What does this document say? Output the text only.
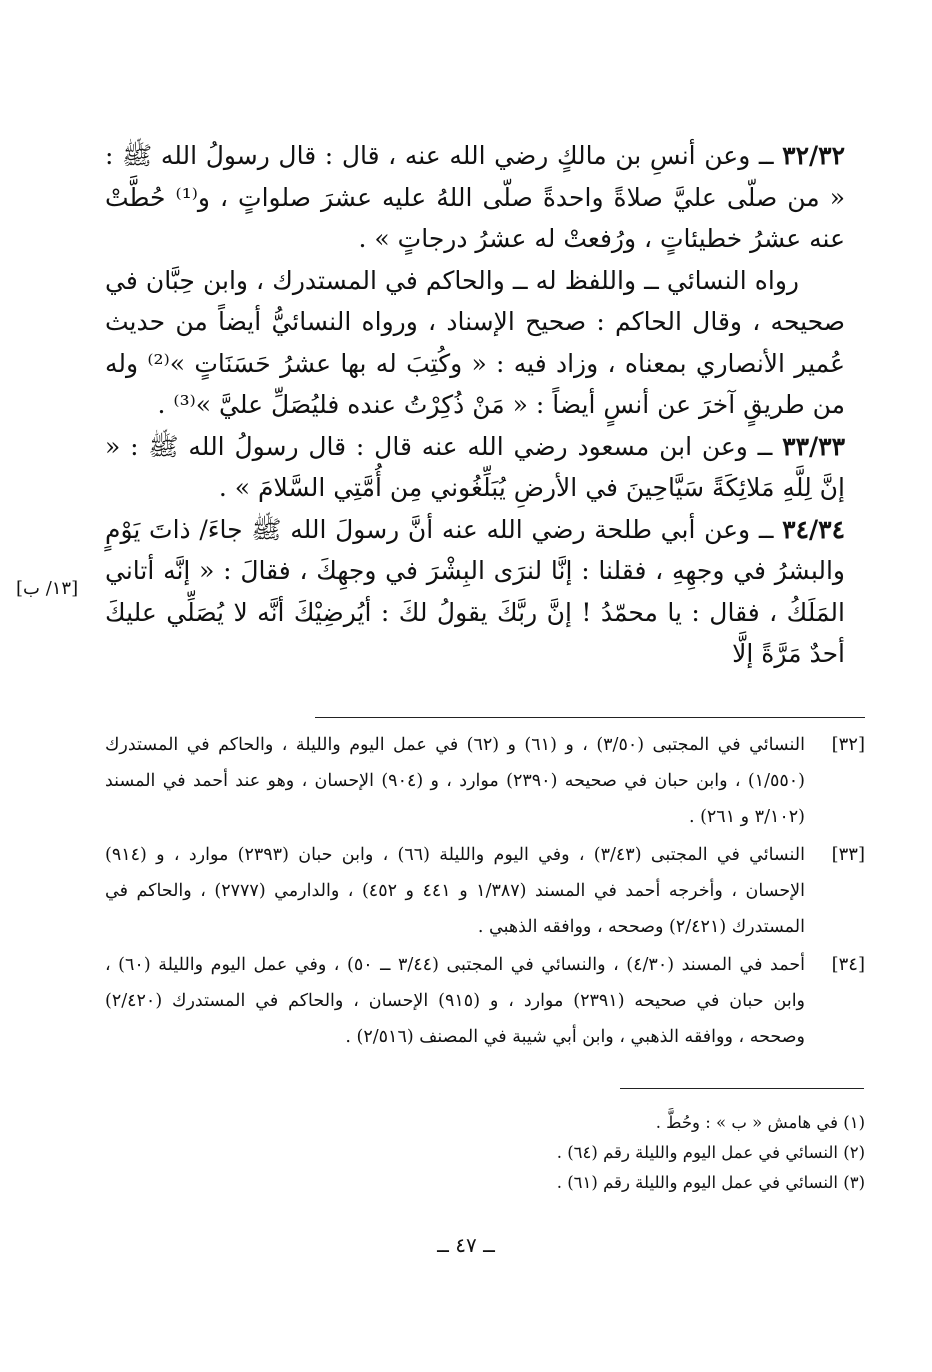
٣٢/٣٢ ــ وعن أنسِ بن مالكٍ رضي الله عنه ، قال : قال رسولُ الله ﷺ : « من صلّى عليَّ صلاةً واحدةً صلّى اللهُ عليه عشرَ صلواتٍ ، و⁽¹⁾ حُطَّتْ عنه عشرُ خطيئاتٍ ، ورُفعتْ له عشرُ درجاتٍ » .

رواه النسائي ــ واللفظ له ــ والحاكم في المستدرك ، وابن حِبَّان في صحيحه ، وقال الحاكم : صحيح الإسناد ، ورواه النسائيُّ أيضاً من حديث عُمير الأنصاري بمعناه ، وزاد فيه : « وكُتِبَ له بها عشرُ حَسَنَاتٍ »⁽²⁾ وله من طريقٍ آخرَ عن أنسٍ أيضاً : « مَنْ ذُكِرْتُ عنده فليُصَلِّ عليَّ »⁽³⁾ .

٣٣/٣٣ ــ وعن ابن مسعود رضي الله عنه قال : قال رسولُ الله ﷺ : « إنَّ لِلَّهِ مَلائِكَةً سَيَّاحِينَ في الأرضِ يُبَلِّغُوني مِن أُمَّتِي السَّلامَ » .

٣٤/٣٤ ــ وعن أبي طلحة رضي الله عنه أنَّ رسولَ الله ﷺ جاءَ/ ذاتَ يَوْمٍ والبشرُ في وجهِهِ ، فقلنا : إنَّا لنرَى البِشْرَ في وجهِكَ ، فقالَ : « إنَّه أتاني المَلَكُ ، فقال : يا محمّدُ ! إنَّ ربَّكَ يقولُ لكَ : أيُرضِيْكَ أنَّه لا يُصَلِّي عليكَ أحدٌ مَرَّةً إلَّا

[١٣/ ب]
[٣٢]
النسائي في المجتبى (٣/٥٠) ، و (٦١) و (٦٢) في عمل اليوم والليلة ، والحاكم في المستدرك (١/٥٥٠) ، وابن حبان في صحيحه (٢٣٩٠) موارد ، و (٩٠٤) الإحسان ، وهو عند أحمد في المسند (٣/١٠٢ و ٢٦١) .
[٣٣]
النسائي في المجتبى (٣/٤٣) ، وفي اليوم والليلة (٦٦) ، وابن حبان (٢٣٩٣) موارد ، و (٩١٤) الإحسان ، وأخرجه أحمد في المسند (١/٣٨٧ و ٤٤١ و ٤٥٢) ، والدارمي (٢٧٧٧) ، والحاكم في المستدرك (٢/٤٢١) وصححه ، ووافقه الذهبي .
[٣٤]
أحمد في المسند (٤/٣٠) ، والنسائي في المجتبى (٣/٤٤ ــ ٥٠) ، وفي عمل اليوم والليلة (٦٠) ، وابن حبان في صحيحه (٢٣٩١) موارد ، و (٩١٥) الإحسان ، والحاكم في المستدرك (٢/٤٢٠) وصححه ، ووافقه الذهبي ، وابن أبي شيبة في المصنف (٢/٥١٦) .
(١) في هامش « ب » : وحُطَّ .
(٢) النسائي في عمل اليوم والليلة رقم (٦٤) .
(٣) النسائي في عمل اليوم والليلة رقم (٦١) .
ــ ٤٧ ــ
